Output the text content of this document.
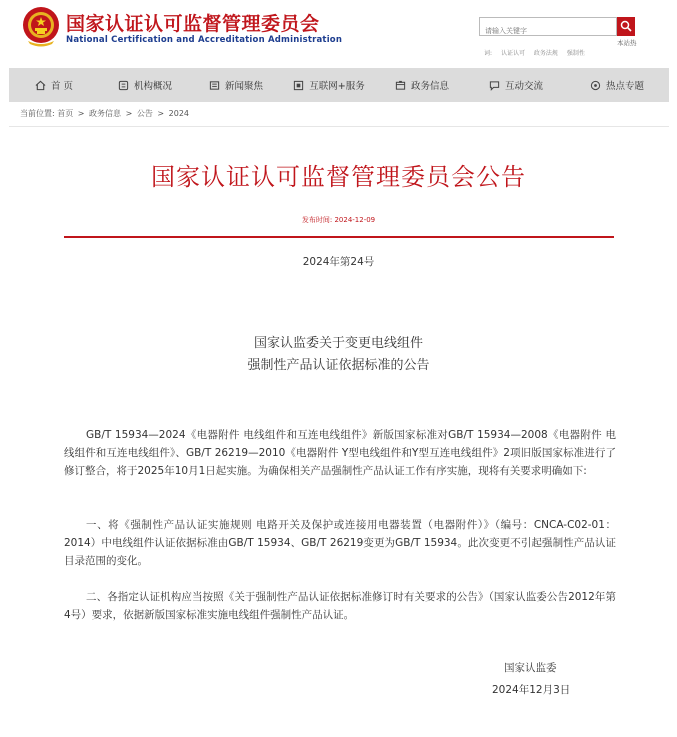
国家认证认可监督管理委员会
National Certification and Accreditation Administration
请输入关键字	本站热
词: 认证认可 政务法规 强制性
首 页	机构概况	新闻聚焦	互联网+服务	政务信息	互动交流	热点专题
当前位置: 首页 > 政务信息 > 公告 > 2024
国家认证认可监督管理委员会公告
发布时间: 2024-12-09
2024年第24号
国家认监委关于变更电线组件
强制性产品认证依据标准的公告
GB/T 15934—2024《电器附件 电线组件和互连电线组件》新版国家标准对GB/T 15934—2008《电器附件 电线组件和互连电线组件》、GB/T 26219—2010《电器附件 Y型电线组件和Y型互连电线组件》2项旧版国家标准进行了修订整合，将于2025年10月1日起实施。为确保相关产品强制性产品认证工作有序实施，现将有关要求明确如下:
一、将《强制性产品认证实施规则 电路开关及保护或连接用电器装置（电器附件）》（编号：CNCA-C02-01：2014）中电线组件认证依据标准由GB/T 15934、GB/T 26219变更为GB/T 15934。此次变更不引起强制性产品认证目录范围的变化。
二、各指定认证机构应当按照《关于强制性产品认证依据标准修订时有关要求的公告》（国家认监委公告2012年第4号）要求，依据新版国家标准实施电线组件强制性产品认证。
国家认监委
2024年12月3日
